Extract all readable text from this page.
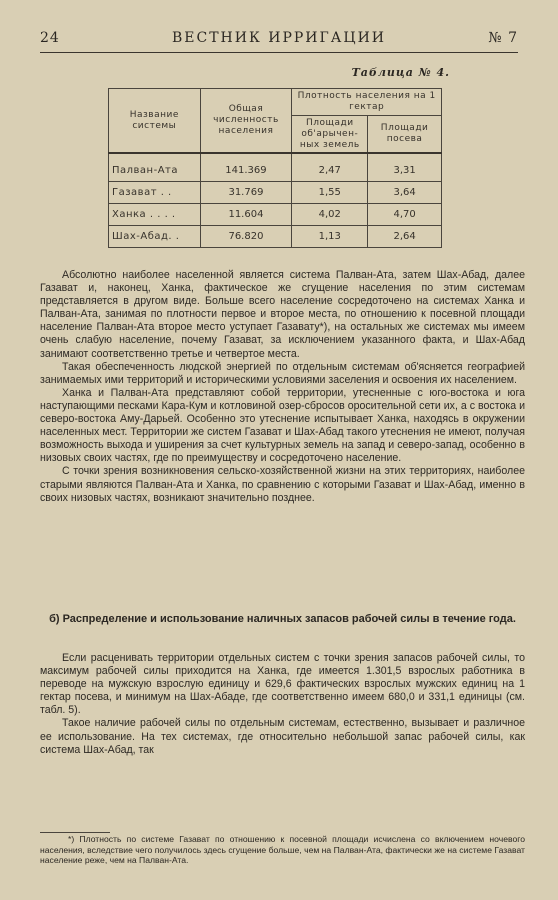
24	ВЕСТНИК ИРРИГАЦИИ	№ 7
Таблица № 4.
Название системы	Общая численность населения	Плотность населения на 1 гектар	
		Площади об'арычен- ных земель	Площади посева
Палван-Ата	141.369	2,47	3,31
Газават . .	31.769	1,55	3,64
Ханка . . . .	11.604	4,02	4,70
Шах-Абад. .	76.820	1,13	2,64

Абсолютно наиболее населенной является система Палван-Ата, затем Шах-Абад, далее Газават и, наконец, Ханка, фактическое же сгущение населения по этим системам представляется в другом виде. Больше всего население сосредоточено на системах Ханка и Палван-Ата, занимая по плотности первое и второе места, по отношению к посевной площади население Палван-Ата второе место уступает Газавату*), на остальных же системах мы имеем очень слабую население, почему Газават, за исключением указанного факта, и Шах-Абад занимают соответственно третье и четвертое места.

Такая обеспеченность людской энергией по отдельным системам об'ясняется географией занимаемых ими территорий и историческими условиями заселения и освоения их населением.

Ханка и Палван-Ата представляют собой территории, утесненные с юго-востока и юга наступающими песками Кара-Кум и котловиной озер-сбросов оросительной сети их, а с востока и северо-востока Аму-Дарьей. Особенно это утеснение испытывает Ханка, находясь в окружении населенных мест. Территории же систем Газават и Шах-Абад такого утеснения не имеют, получая возможность выхода и уширения за счет культурных земель на запад и северо-запад, особенно в низовых своих частях, где по преимуществу и сосредоточено население.

С точки зрения возникновения сельско-хозяйственной жизни на этих территориях, наиболее старыми являются Палван-Ата и Ханка, по сравнению с которыми Газават и Шах-Абад, именно в своих низовых частях, возникают значительно позднее.

б) Распределение и использование наличных запасов рабочей силы в течение года.

Если расценивать территории отдельных систем с точки зрения запасов рабочей силы, то максимум рабочей силы приходится на Ханка, где имеется 1.301,5 взрослых работника в переводе на мужскую взрослую единицу и 629,6 фактических взрослых мужских единиц на 1 гектар посева, и минимум на Шах-Абаде, где соответственно имеем 680,0 и 331,1 единицы (см. табл. 5).

Такое наличие рабочей силы по отдельным системам, естественно, вызывает и различное ее использование. На тех системах, где относительно небольшой запас рабочей силы, как система Шах-Абад, так

*) Плотность по системе Газават по отношению к посевной площади исчислена со включением ночевого населения, вследствие чего получилось здесь сгущение больше, чем на Палван-Ата, фактически же на системе Газават население реже, чем на Палван-Ата.
